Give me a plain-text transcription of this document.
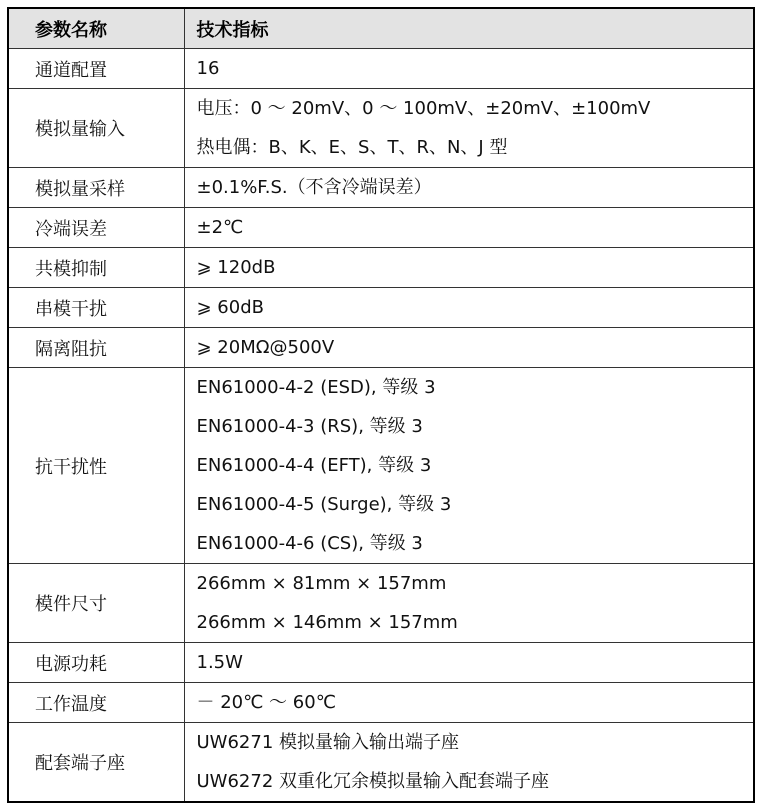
参数名称	技术指标
通道配置	16

模拟量输入	电压：0 ～ 20mV、0 ～ 100mV、±20mV、±100mV
热电偶：B、K、E、S、T、R、N、J 型

模拟量采样	±0.1%F.S.（不含冷端误差）

冷端误差	±2℃

共模抑制	⩾ 120dB

串模干扰	⩾ 60dB

隔离阻抗	⩾ 20MΩ@500V

抗干扰性	EN61000-4-2 (ESD), 等级 3
EN61000-4-3 (RS), 等级 3
EN61000-4-4 (EFT), 等级 3
EN61000-4-5 (Surge), 等级 3
EN61000-4-6 (CS), 等级 3

模件尺寸	266mm × 81mm × 157mm
266mm × 146mm × 157mm

电源功耗	1.5W

工作温度	－ 20℃ ～ 60℃

配套端子座	UW6271 模拟量输入输出端子座
UW6272 双重化冗余模拟量输入配套端子座
